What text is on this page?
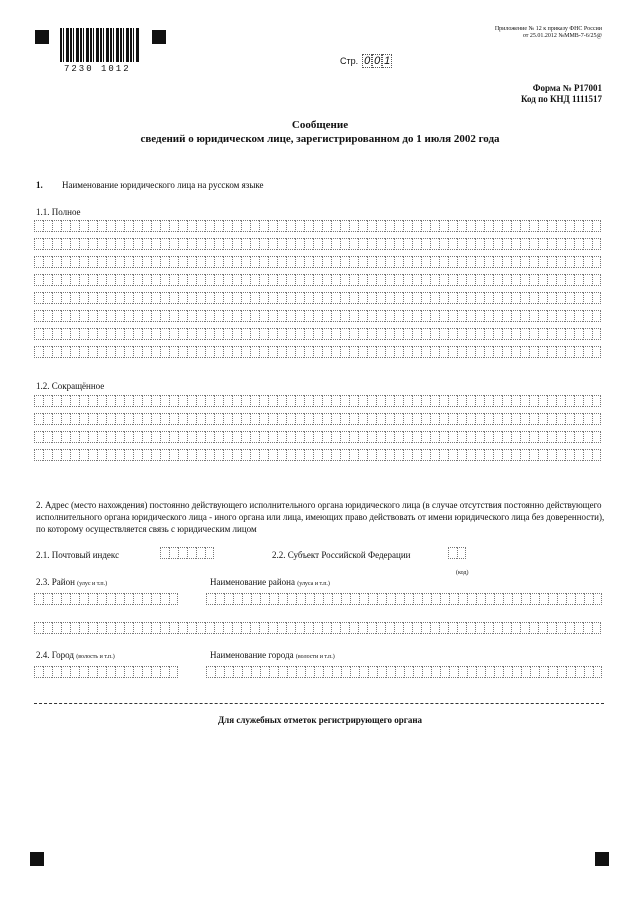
7230 1012
Приложение № 12 к приказу ФНС России
от 25.01.2012 №ММВ-7-6/25@
Стр. 0 0 1
Форма № Р17001
Код по КНД 1111517
Сообщение
сведений о юридическом лице, зарегистрированном до 1 июля 2002 года
1. Наименование юридического лица на русском языке
1.1. Полное
1.2. Сокращённое
2. Адрес (место нахождения) постоянно действующего исполнительного органа юридического лица (в случае отсутствия постоянно действующего исполнительного органа юридического лица - иного органа или лица, имеющих право действовать от имени юридического лица без доверенности), по которому осуществляется связь с юридическим лицом
2.1. Почтовый индекс	2.2. Субъект Российской Федерации
(код)
2.3. Район (улус и т.п.)	Наименование района (улуса и т.п.)
2.4. Город (волость и т.п.)	Наименование города (волости и т.п.)
Для служебных отметок регистрирующего органа
